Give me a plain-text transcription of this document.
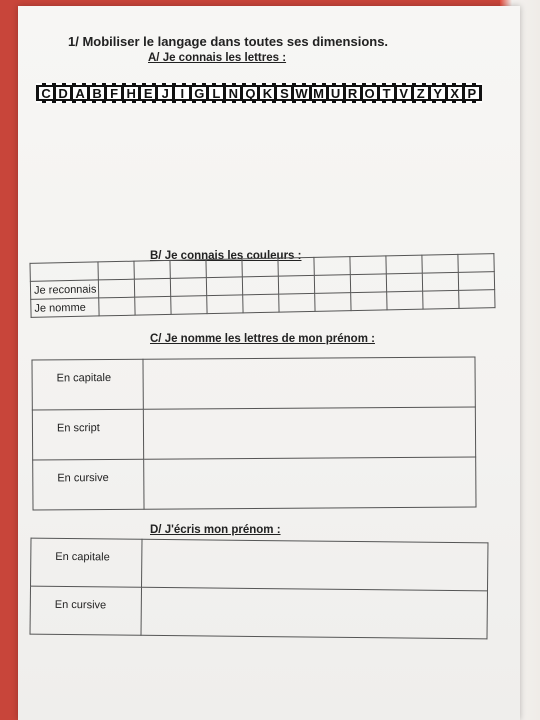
1/ Mobiliser le langage dans toutes ses dimensions.
A/ Je connais les lettres :
C D A B F H E J I G L N Q K S W M U R O T V Z Y X P
B/ Je connais les couleurs :

Je reconnais											
Je nomme											
C/ Je nomme les lettres de mon prénom :
En capitale	
En script	
En cursive	
D/ J'écris mon prénom :
En capitale	
En cursive	
